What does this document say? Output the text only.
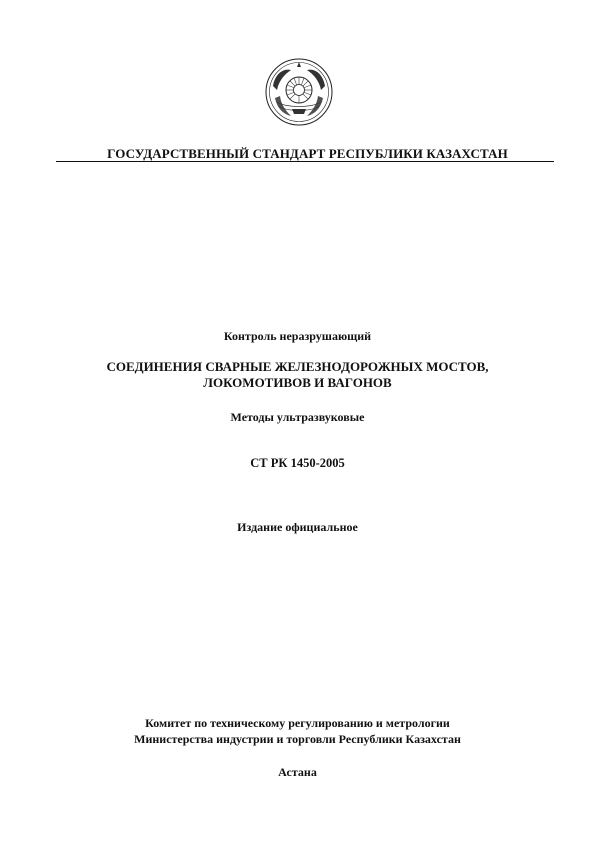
ГОСУДАРСТВЕННЫЙ СТАНДАРТ РЕСПУБЛИКИ КАЗАХСТАН
Контроль неразрушающий
СОЕДИНЕНИЯ СВАРНЫЕ ЖЕЛЕЗНОДОРОЖНЫХ МОСТОВ,
ЛОКОМОТИВОВ И ВАГОНОВ
Методы ультразвуковые
СТ РК 1450-2005
Издание официальное
Комитет по техническому регулированию и метрологии
Министерства индустрии и торговли Республики Казахстан
Астана
